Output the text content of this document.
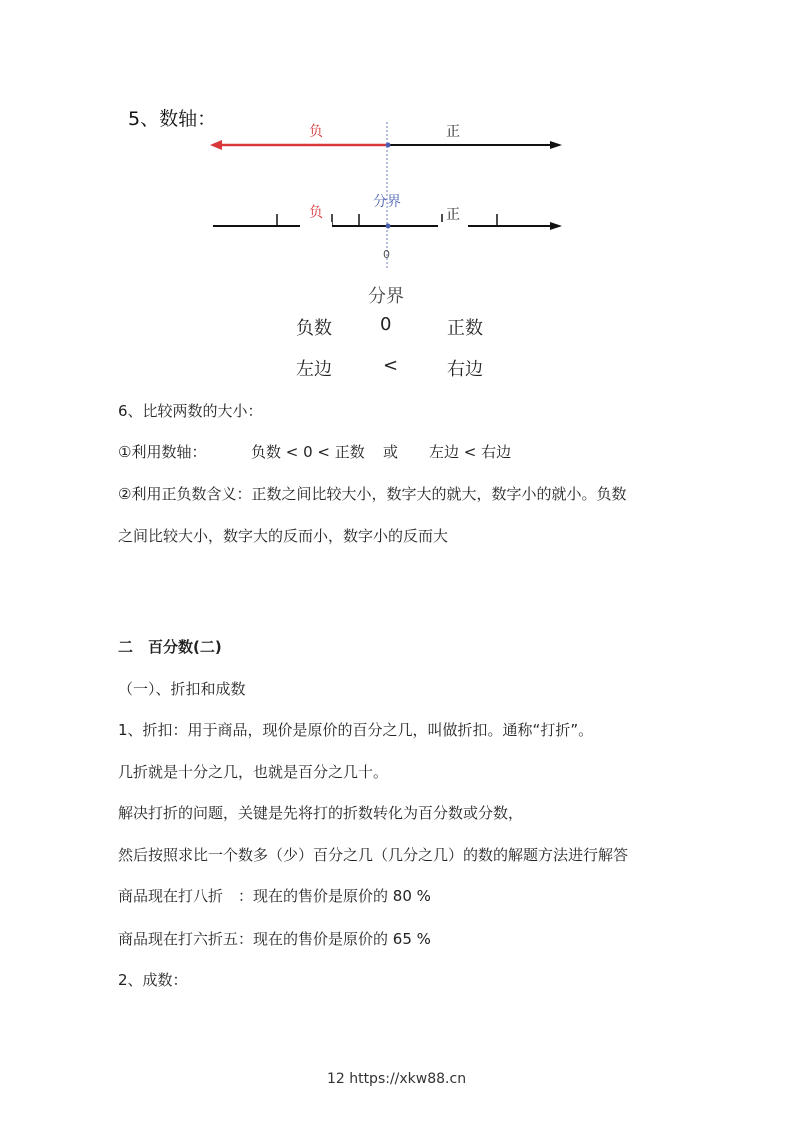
5、数轴：
负	正
分界
负	正
0
分界
负数	0	正数
左边	<	右边
6、比较两数的大小：
①利用数轴：	负数 < 0 < 正数 或 左边 < 右边
②利用正负数含义：正数之间比较大小，数字大的就大，数字小的就小。负数
之间比较大小，数字大的反而小，数字小的反而大
二　百分数(二)
（一）、折扣和成数
1、折扣：用于商品，现价是原价的百分之几，叫做折扣。通称“打折”。
几折就是十分之几，也就是百分之几十。
解决打折的问题，关键是先将打的折数转化为百分数或分数，
然后按照求比一个数多（少）百分之几（几分之几）的数的解题方法进行解答
商品现在打八折　：现在的售价是原价的 80 %
商品现在打六折五：现在的售价是原价的 65 %
2、成数：
12 https://xkw88.cn
